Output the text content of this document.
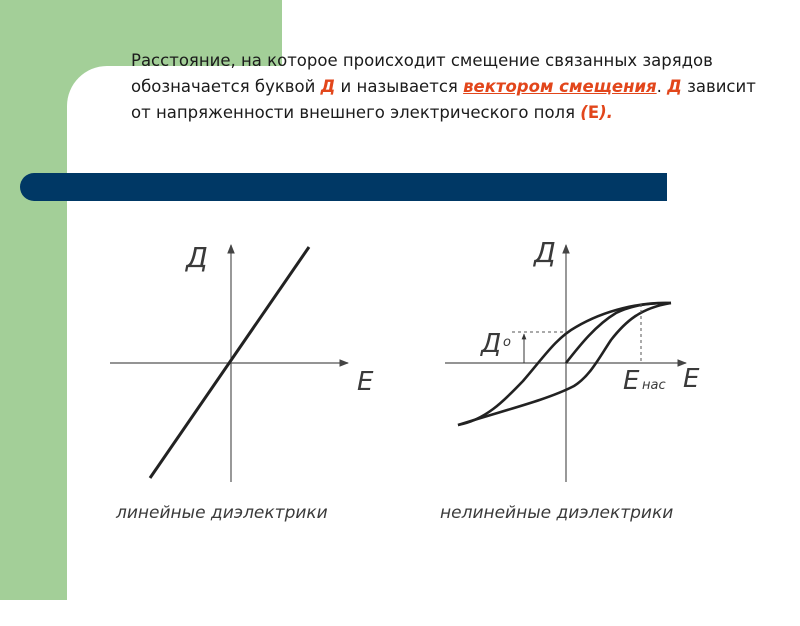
Расстояние, на которое происходит смещение связанных зарядов обозначается буквой Д и называется вектором смещения. Д зависит от напряженности внешнего электрического поля (Е).
Д
Е
Д
Е
Д о
Е нас
линейные диэлектрики	нелинейные диэлектрики
